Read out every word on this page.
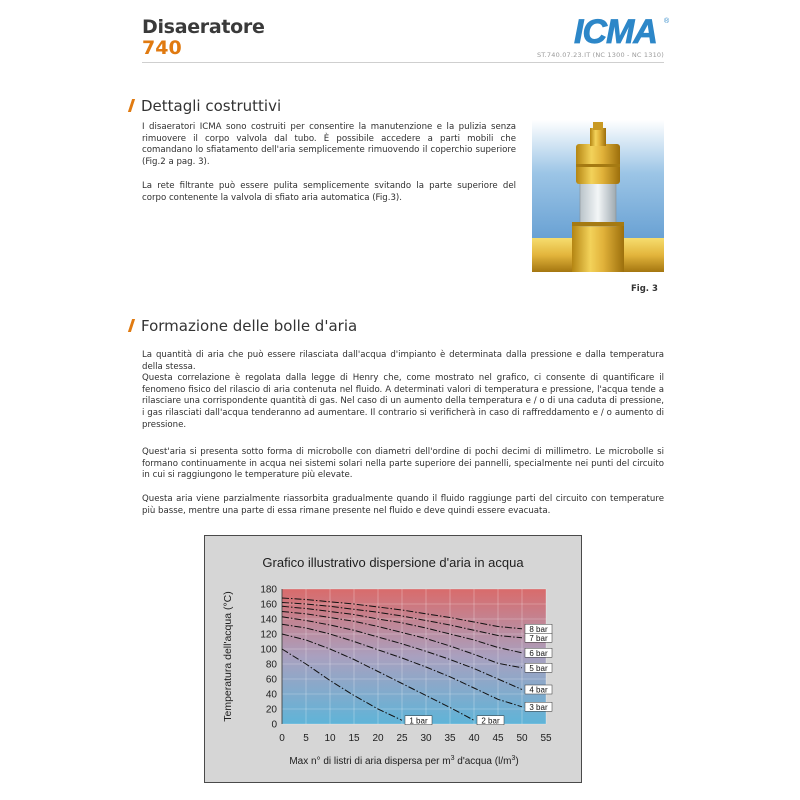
Disaeratore
740	ICMA ®
ST.740.07.23.IT (NC 1300 - NC 1310)
Dettagli costruttivi

I disaeratori ICMA sono costruiti per consentire la manutenzione e la pulizia senza rimuovere il corpo valvola dal tubo. È possibile accedere a parti mobili che comandano lo sfiatamento dell'aria semplicemente rimuovendo il coperchio superiore (Fig.2 a pag. 3).

La rete filtrante può essere pulita semplicemente svitando la parte superiore del corpo contenente la valvola di sfiato aria automatica (Fig.3).

Fig. 3
Formazione delle bolle d'aria

La quantità di aria che può essere rilasciata dall'acqua d'impianto è determinata dalla pressione e dalla temperatura della stessa.
Questa correlazione è regolata dalla legge di Henry che, come mostrato nel grafico, ci consente di quantificare il fenomeno fisico del rilascio di aria contenuta nel fluido. A determinati valori di temperatura e pressione, l'acqua tende a rilasciare una corrispondente quantità di gas. Nel caso di un aumento della temperatura e / o di una caduta di pressione, i gas rilasciati dall'acqua tenderanno ad aumentare. Il contrario si verificherà in caso di raffreddamento e / o aumento di pressione.

Quest'aria si presenta sotto forma di microbolle con diametri dell'ordine di pochi decimi di millimetro. Le microbolle si formano continuamente in acqua nei sistemi solari nella parte superiore dei pannelli, specialmente nei punti del circuito in cui si raggiungono le temperature più elevate.

Questa aria viene parzialmente riassorbita gradualmente quando il fluido raggiunge parti del circuito con temperature più basse, mentre una parte di essa rimane presente nel fluido e deve quindi essere evacuata.

Grafico illustrativo dispersione d'aria in acqua
0
20
40
60
80
100
120
140
160
180
0 5 10 15 20 25 30 35 40 45 50 55
1 bar	2 bar
3 bar
4 bar
5 bar
6 bar
7 bar
8 bar
Temperatura dell'acqua (°C)
Max n° di listri di aria dispersa per $m^3$ d'acqua $(l/m^3)$
